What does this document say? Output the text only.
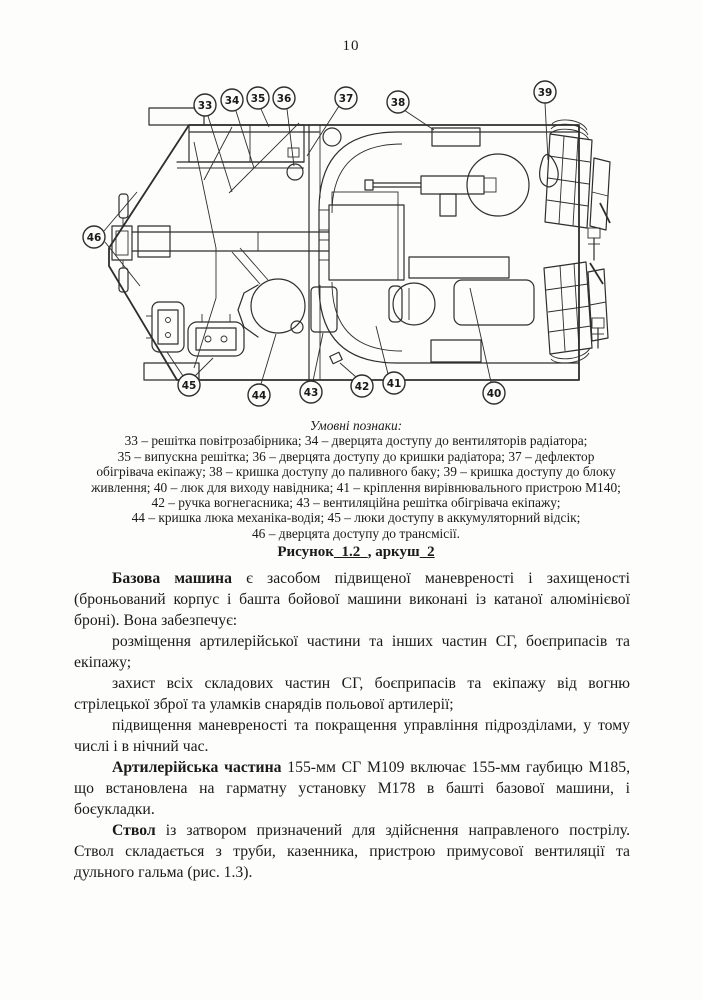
10
33 34 35 36	37	38
39
40
41
42
43
44
45
46
Умовні познаки:
33 – решітка повітрозабірника; 34 – дверцята доступу до вентиляторів радіатора;
35 – випускна решітка; 36 – дверцята доступу до кришки радіатора; 37 – дефлектор
обігрівача екіпажу; 38 – кришка доступу до паливного баку; 39 – кришка доступу до блоку
живлення; 40 – люк для виходу навідника; 41 – кріплення вирівнювального пристрою М140;
42 – ручка вогнегасника; 43 – вентиляційна решітка обігрівача екіпажу;
44 – кришка люка механіка-водія; 45 – люки доступу в аккумуляторний відсік;
46 – дверцята доступу до трансмісії.
Рисунок  1.2  , аркуш  2

Базова машина є засобом підвищеної маневреності і захищеності (броньований корпус і башта бойової машини виконані із катаної алюмінієвої броні). Вона забезпечує:

розміщення артилерійської частини та інших частин СГ, боєприпасів та екіпажу;

захист всіх складових частин СГ, боєприпасів та екіпажу від вогню стрілецької зброї та уламків снарядів польової артилерії;

підвищення маневреності та покращення управління підрозділами, у тому числі і в нічний час.

Артилерійська частина 155-мм СГ М109 включає 155-мм гаубицю М185, що встановлена на гарматну установку М178 в башті базової машини, і боєукладки.

Ствол із затвором призначений для здійснення направленого пострілу. Ствол складається з труби, казенника, пристрою примусової вентиляції та дульного гальма (рис. 1.3).
